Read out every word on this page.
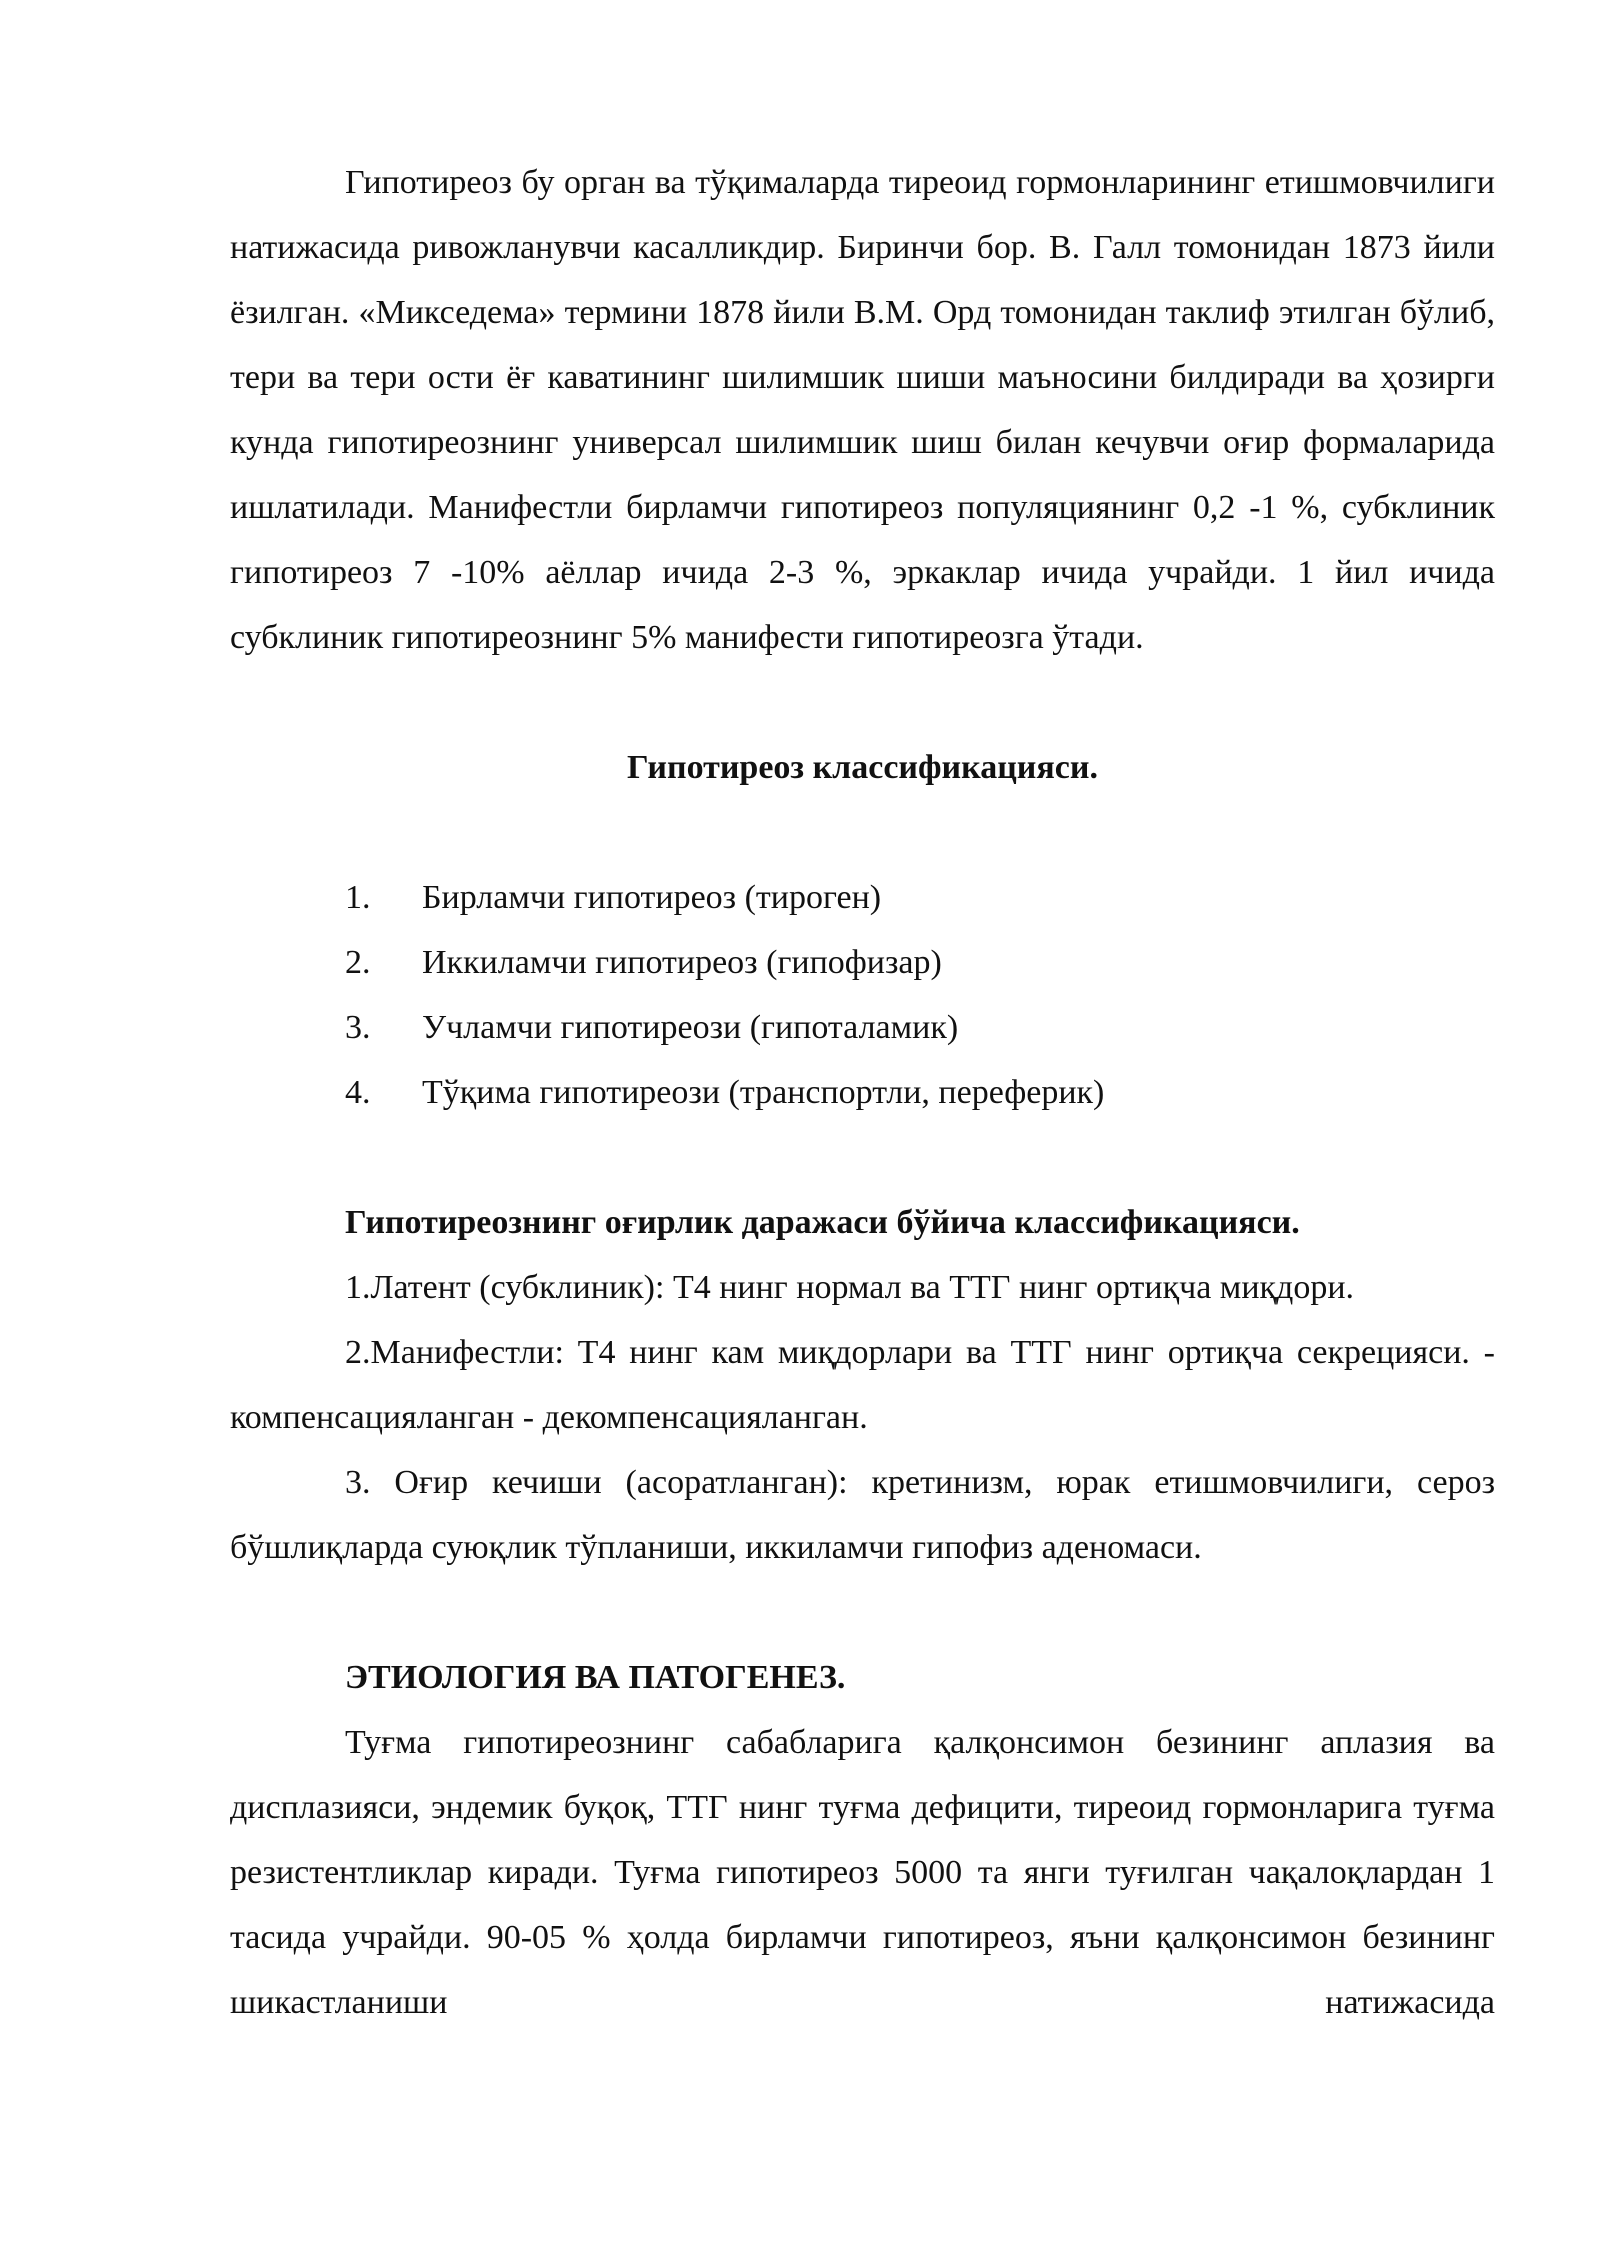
Гипотиреоз бу орган ва тўқималарда тиреоид гормонларининг етишмовчилиги натижасида ривожланувчи касалликдир. Биринчи бор. В. Галл томонидан 1873 йили ёзилган. «Микседема» термини 1878 йили В.М. Орд томонидан таклиф этилган бўлиб, тери ва тери ости ёғ каватининг шилимшик шиши маъносини билдиради ва ҳозирги кунда гипотиреознинг универсал шилимшик шиш билан кечувчи оғир формаларида ишлатилади. Манифестли бирламчи гипотиреоз популяциянинг 0,2 -1 %, субклиник гипотиреоз 7 -10% аёллар ичида 2-3 %, эркаклар ичида учрайди. 1 йил ичида субклиник гипотиреознинг 5% манифести гипотиреозга ўтади.

Гипотиреоз классификацияси.

1.	Бирламчи гипотиреоз (тироген)
2.	Иккиламчи гипотиреоз (гипофизар)
3.	Учламчи гипотиреози (гипоталамик)
4.	Тўқима гипотиреози (транспортли, переферик)

Гипотиреознинг оғирлик даражаси бўйича классификацияси.

1.Латент (субклиник): Т4 нинг нормал ва ТТГ нинг ортиқча миқдори.

2.Манифестли: Т4 нинг кам миқдорлари ва ТТГ нинг ортиқча секрецияси. - компенсацияланган - декомпенсацияланган.

3. Оғир кечиши (асоратланган): кретинизм, юрак етишмовчилиги, сероз бўшлиқларда суюқлик тўпланиши, иккиламчи гипофиз аденомаси.

ЭТИОЛОГИЯ ВА ПАТОГЕНЕЗ.

Туғма гипотиреознинг сабабларига қалқонсимон безининг аплазия ва дисплазияси, эндемик буқоқ, ТТГ нинг туғма дефицити, тиреоид гормонларига туғма резистентликлар киради. Туғма гипотиреоз 5000 та янги туғилган чақалоқлардан 1 тасида учрайди. 90-05 % ҳолда бирламчи гипотиреоз, яъни қалқонсимон безининг шикастланиши натижасида
